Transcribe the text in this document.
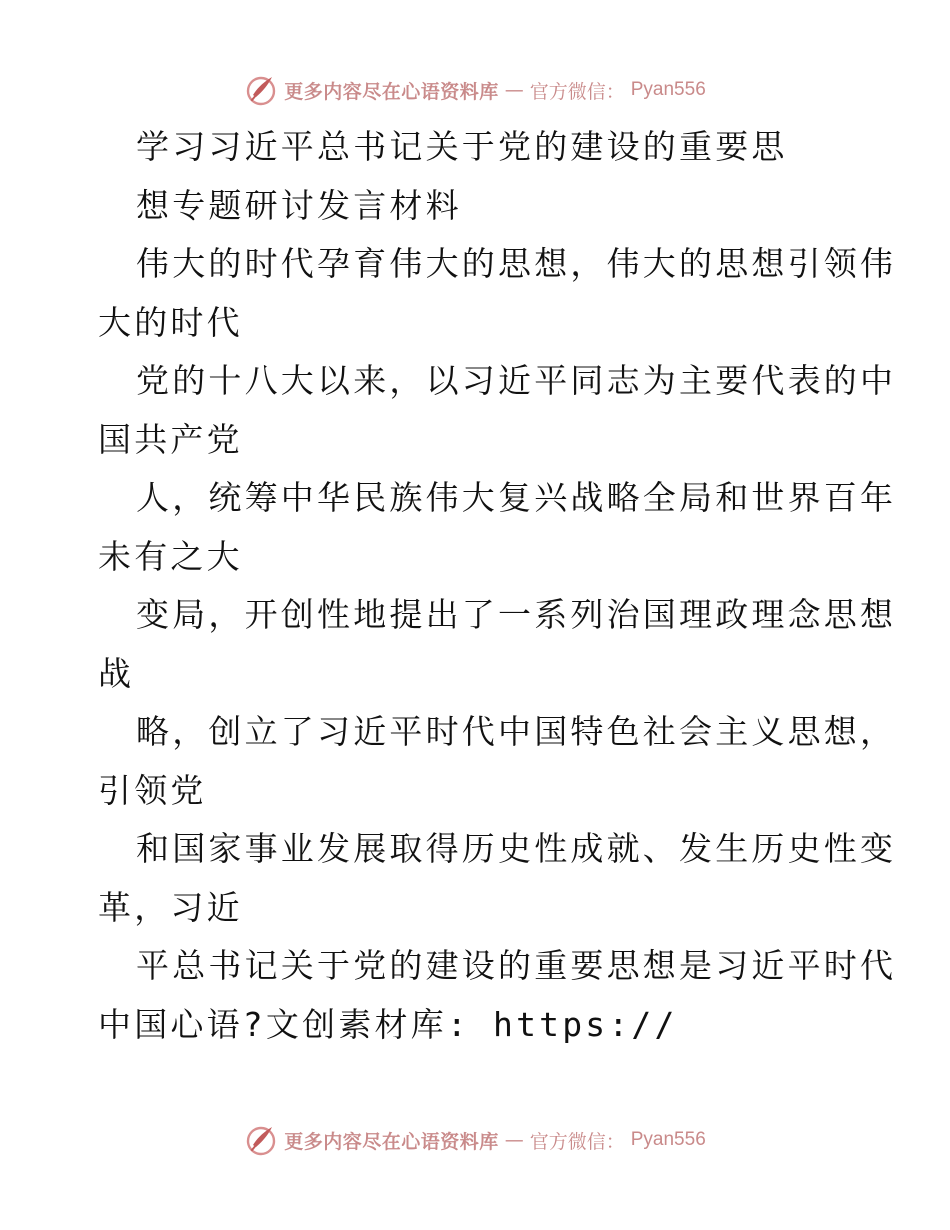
更多内容尽在心语资料库 — 官方微信： Pyan556
学习习近平总书记关于党的建设的重要思
想专题研讨发言材料
伟大的时代孕育伟大的思想，伟大的思想引领伟
大的时代
党的十八大以来，以习近平同志为主要代表的中
国共产党
人，统筹中华民族伟大复兴战略全局和世界百年
未有之大
变局，开创性地提出了一系列治国理政理念思想
战
略，创立了习近平时代中国特色社会主义思想，
引领党
和国家事业发展取得历史性成就、发生历史性变
革，习近
平总书记关于党的建设的重要思想是习近平时代
中国心语?文创素材库: https://
更多内容尽在心语资料库 — 官方微信： Pyan556
